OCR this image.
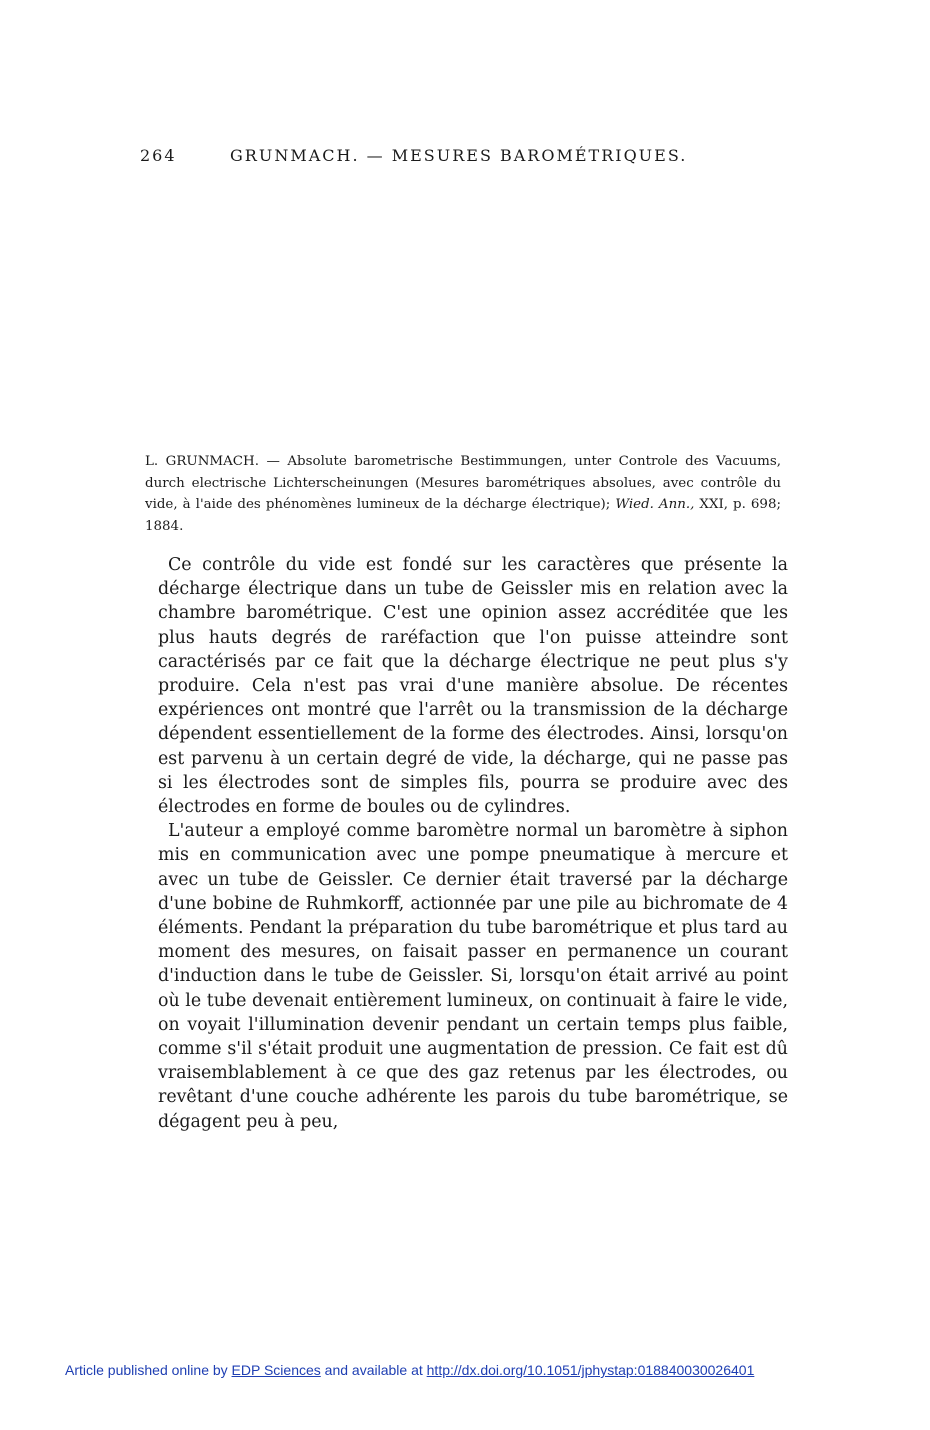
264	GRUNMACH. — MESURES BAROMÉTRIQUES.

L. GRUNMACH. — Absolute barometrische Bestimmungen, unter Controle des Vacuums, durch electrische Lichterscheinungen (Mesures barométriques absolues, avec contrôle du vide, à l'aide des phénomènes lumineux de la décharge électrique); Wied. Ann., XXI, p. 698; 1884.

Ce contrôle du vide est fondé sur les caractères que présente la décharge électrique dans un tube de Geissler mis en relation avec la chambre barométrique. C'est une opinion assez accréditée que les plus hauts degrés de raréfaction que l'on puisse atteindre sont caractérisés par ce fait que la décharge électrique ne peut plus s'y produire. Cela n'est pas vrai d'une manière absolue. De récentes expériences ont montré que l'arrêt ou la transmission de la décharge dépendent essentiellement de la forme des électrodes. Ainsi, lorsqu'on est parvenu à un certain degré de vide, la décharge, qui ne passe pas si les électrodes sont de simples fils, pourra se produire avec des électrodes en forme de boules ou de cylindres.

L'auteur a employé comme baromètre normal un baromètre à siphon mis en communication avec une pompe pneumatique à mercure et avec un tube de Geissler. Ce dernier était traversé par la décharge d'une bobine de Ruhmkorff, actionnée par une pile au bichromate de 4 éléments. Pendant la préparation du tube barométrique et plus tard au moment des mesures, on faisait passer en permanence un courant d'induction dans le tube de Geissler. Si, lorsqu'on était arrivé au point où le tube devenait entièrement lumineux, on continuait à faire le vide, on voyait l'illumination devenir pendant un certain temps plus faible, comme s'il s'était produit une augmentation de pression. Ce fait est dû vraisemblablement à ce que des gaz retenus par les électrodes, ou revêtant d'une couche adhérente les parois du tube barométrique, se dégagent peu à peu,

Article published online by EDP Sciences and available at http://dx.doi.org/10.1051/jphystap:018840030026401
